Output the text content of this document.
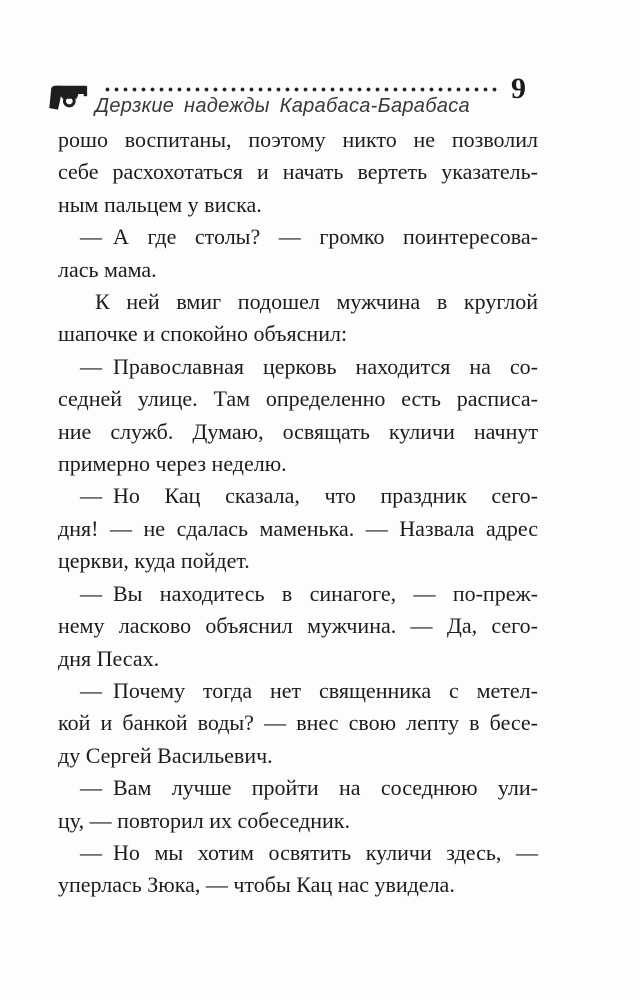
Дерзкие надежды Карабаса-Барабаса
9
рошо воспитаны, поэтому никто не позволил
себе расхохотаться и начать вертеть указатель-
ным пальцем у виска.
— А где столы? — громко поинтересова-
лась мама.
К ней вмиг подошел мужчина в круглой
шапочке и спокойно объяснил:
— Православная церковь находится на со-
седней улице. Там определенно есть расписа-
ние служб. Думаю, освящать куличи начнут
примерно через неделю.
— Но Кац сказала, что праздник сего-
дня! — не сдалась маменька. — Назвала адрес
церкви, куда пойдет.
— Вы находитесь в синагоге, — по-преж-
нему ласково объяснил мужчина. — Да, сего-
дня Песах.
— Почему тогда нет священника с метел-
кой и банкой воды? — внес свою лепту в бесе-
ду Сергей Васильевич.
— Вам лучше пройти на соседнюю ули-
цу, — повторил их собеседник.
— Но мы хотим освятить куличи здесь, —
уперлась Зюка, — чтобы Кац нас увидела.
